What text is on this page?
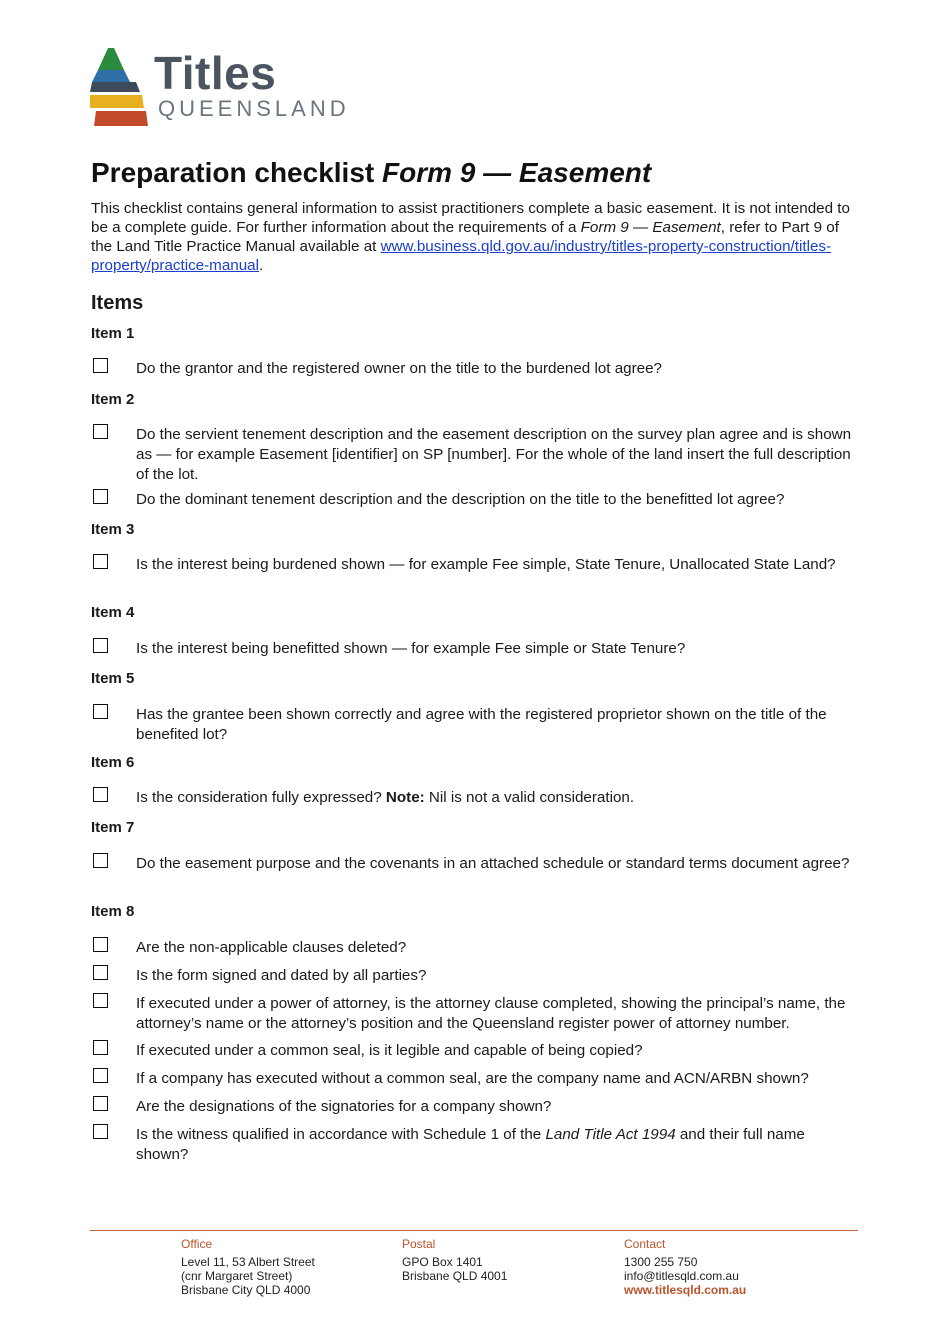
Titles
QUEENSLAND
Preparation checklist Form 9 — Easement

This checklist contains general information to assist practitioners complete a basic easement. It is not intended to be a complete guide. For further information about the requirements of a Form 9 — Easement, refer to Part 9 of the Land Title Practice Manual available at www.business.qld.gov.au/industry/titles-property-construction/titles-property/practice-manual.

Items
Item 1
Do the grantor and the registered owner on the title to the burdened lot agree?
Item 2
Do the servient tenement description and the easement description on the survey plan agree and is shown as — for example Easement [identifier] on SP [number]. For the whole of the land insert the full description of the lot.
Do the dominant tenement description and the description on the title to the benefitted lot agree?
Item 3
Is the interest being burdened shown — for example Fee simple, State Tenure, Unallocated State Land?
Item 4
Is the interest being benefitted shown — for example Fee simple or State Tenure?
Item 5
Has the grantee been shown correctly and agree with the registered proprietor shown on the title of the benefited lot?
Item 6
Is the consideration fully expressed? Note: Nil is not a valid consideration.
Item 7
Do the easement purpose and the covenants in an attached schedule or standard terms document agree?
Item 8
Are the non-applicable clauses deleted?
Is the form signed and dated by all parties?
If executed under a power of attorney, is the attorney clause completed, showing the principal’s name, the attorney’s name or the attorney’s position and the Queensland register power of attorney number.
If executed under a common seal, is it legible and capable of being copied?
If a company has executed without a common seal, are the company name and ACN/ARBN shown?
Are the designations of the signatories for a company shown?
Is the witness qualified in accordance with Schedule 1 of the Land Title Act 1994 and their full name shown?
Office
Level 11, 53 Albert Street
(cnr Margaret Street)
Brisbane City QLD 4000
Postal
GPO Box 1401
Brisbane QLD 4001
Contact
1300 255 750
info@titlesqld.com.au
www.titlesqld.com.au
